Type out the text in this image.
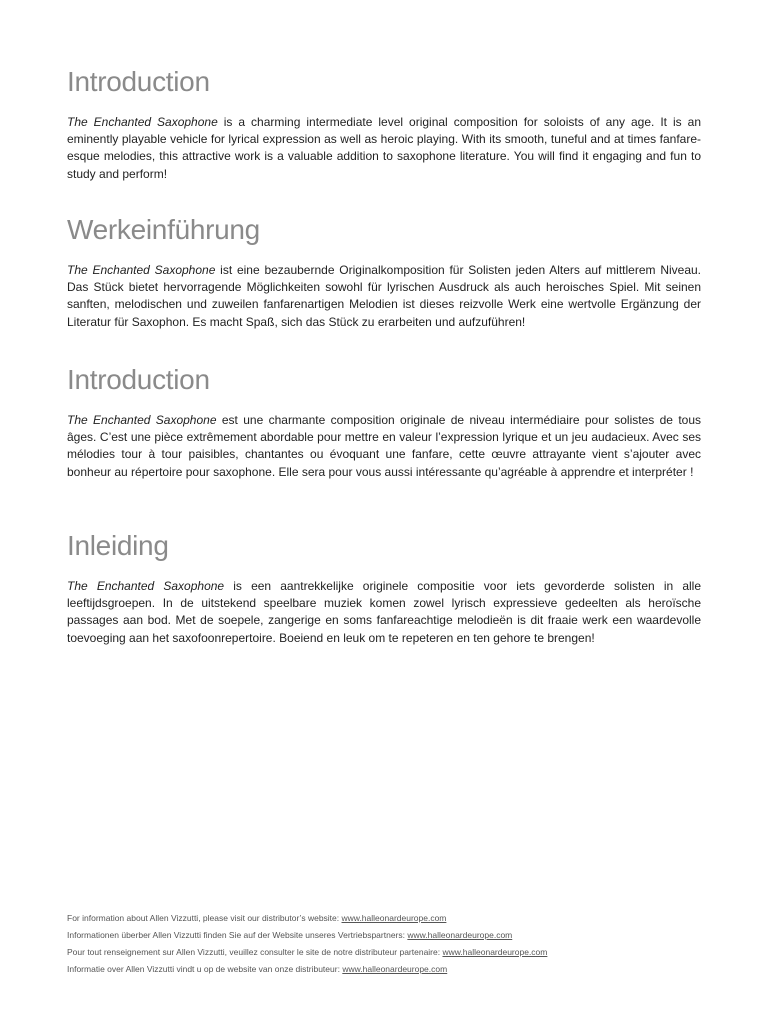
Introduction

The Enchanted Saxophone is a charming intermediate level original composition for soloists of any age. It is an eminently playable vehicle for lyrical expression as well as heroic playing. With its smooth, tuneful and at times fanfare-esque melodies, this attractive work is a valuable addition to saxophone literature. You will find it engaging and fun to study and perform!

Werkeinführung

The Enchanted Saxophone ist eine bezaubernde Originalkomposition für Solisten jeden Alters auf mittlerem Niveau. Das Stück bietet hervorragende Möglichkeiten sowohl für lyrischen Ausdruck als auch heroisches Spiel. Mit seinen sanften, melodischen und zuweilen fanfarenartigen Melodien ist dieses reizvolle Werk eine wertvolle Ergänzung der Literatur für Saxophon. Es macht Spaß, sich das Stück zu erarbeiten und aufzuführen!

Introduction

The Enchanted Saxophone est une charmante composition originale de niveau intermédiaire pour solistes de tous âges. C’est une pièce extrêmement abordable pour mettre en valeur l’expression lyrique et un jeu audacieux. Avec ses mélodies tour à tour paisibles, chantantes ou évoquant une fanfare, cette œuvre attrayante vient s’ajouter avec bonheur au répertoire pour saxophone. Elle sera pour vous aussi intéressante qu’agréable à apprendre et interpréter !

Inleiding

The Enchanted Saxophone is een aantrekkelijke originele compositie voor iets gevorderde solisten in alle leeftijdsgroepen. In de uitstekend speelbare muziek komen zowel lyrisch expressieve gedeelten als heroïsche passages aan bod. Met de soepele, zangerige en soms fanfareachtige melodieën is dit fraaie werk een waardevolle toevoeging aan het saxofoonrepertoire. Boeiend en leuk om te repeteren en ten gehore te brengen!

For information about Allen Vizzutti, please visit our distributor’s website: www.halleonardeurope.com
Informationen überber Allen Vizzutti finden Sie auf der Website unseres Vertriebspartners: www.halleonardeurope.com
Pour tout renseignement sur Allen Vizzutti, veuillez consulter le site de notre distributeur partenaire: www.halleonardeurope.com
Informatie over Allen Vizzutti vindt u op de website van onze distributeur: www.halleonardeurope.com
